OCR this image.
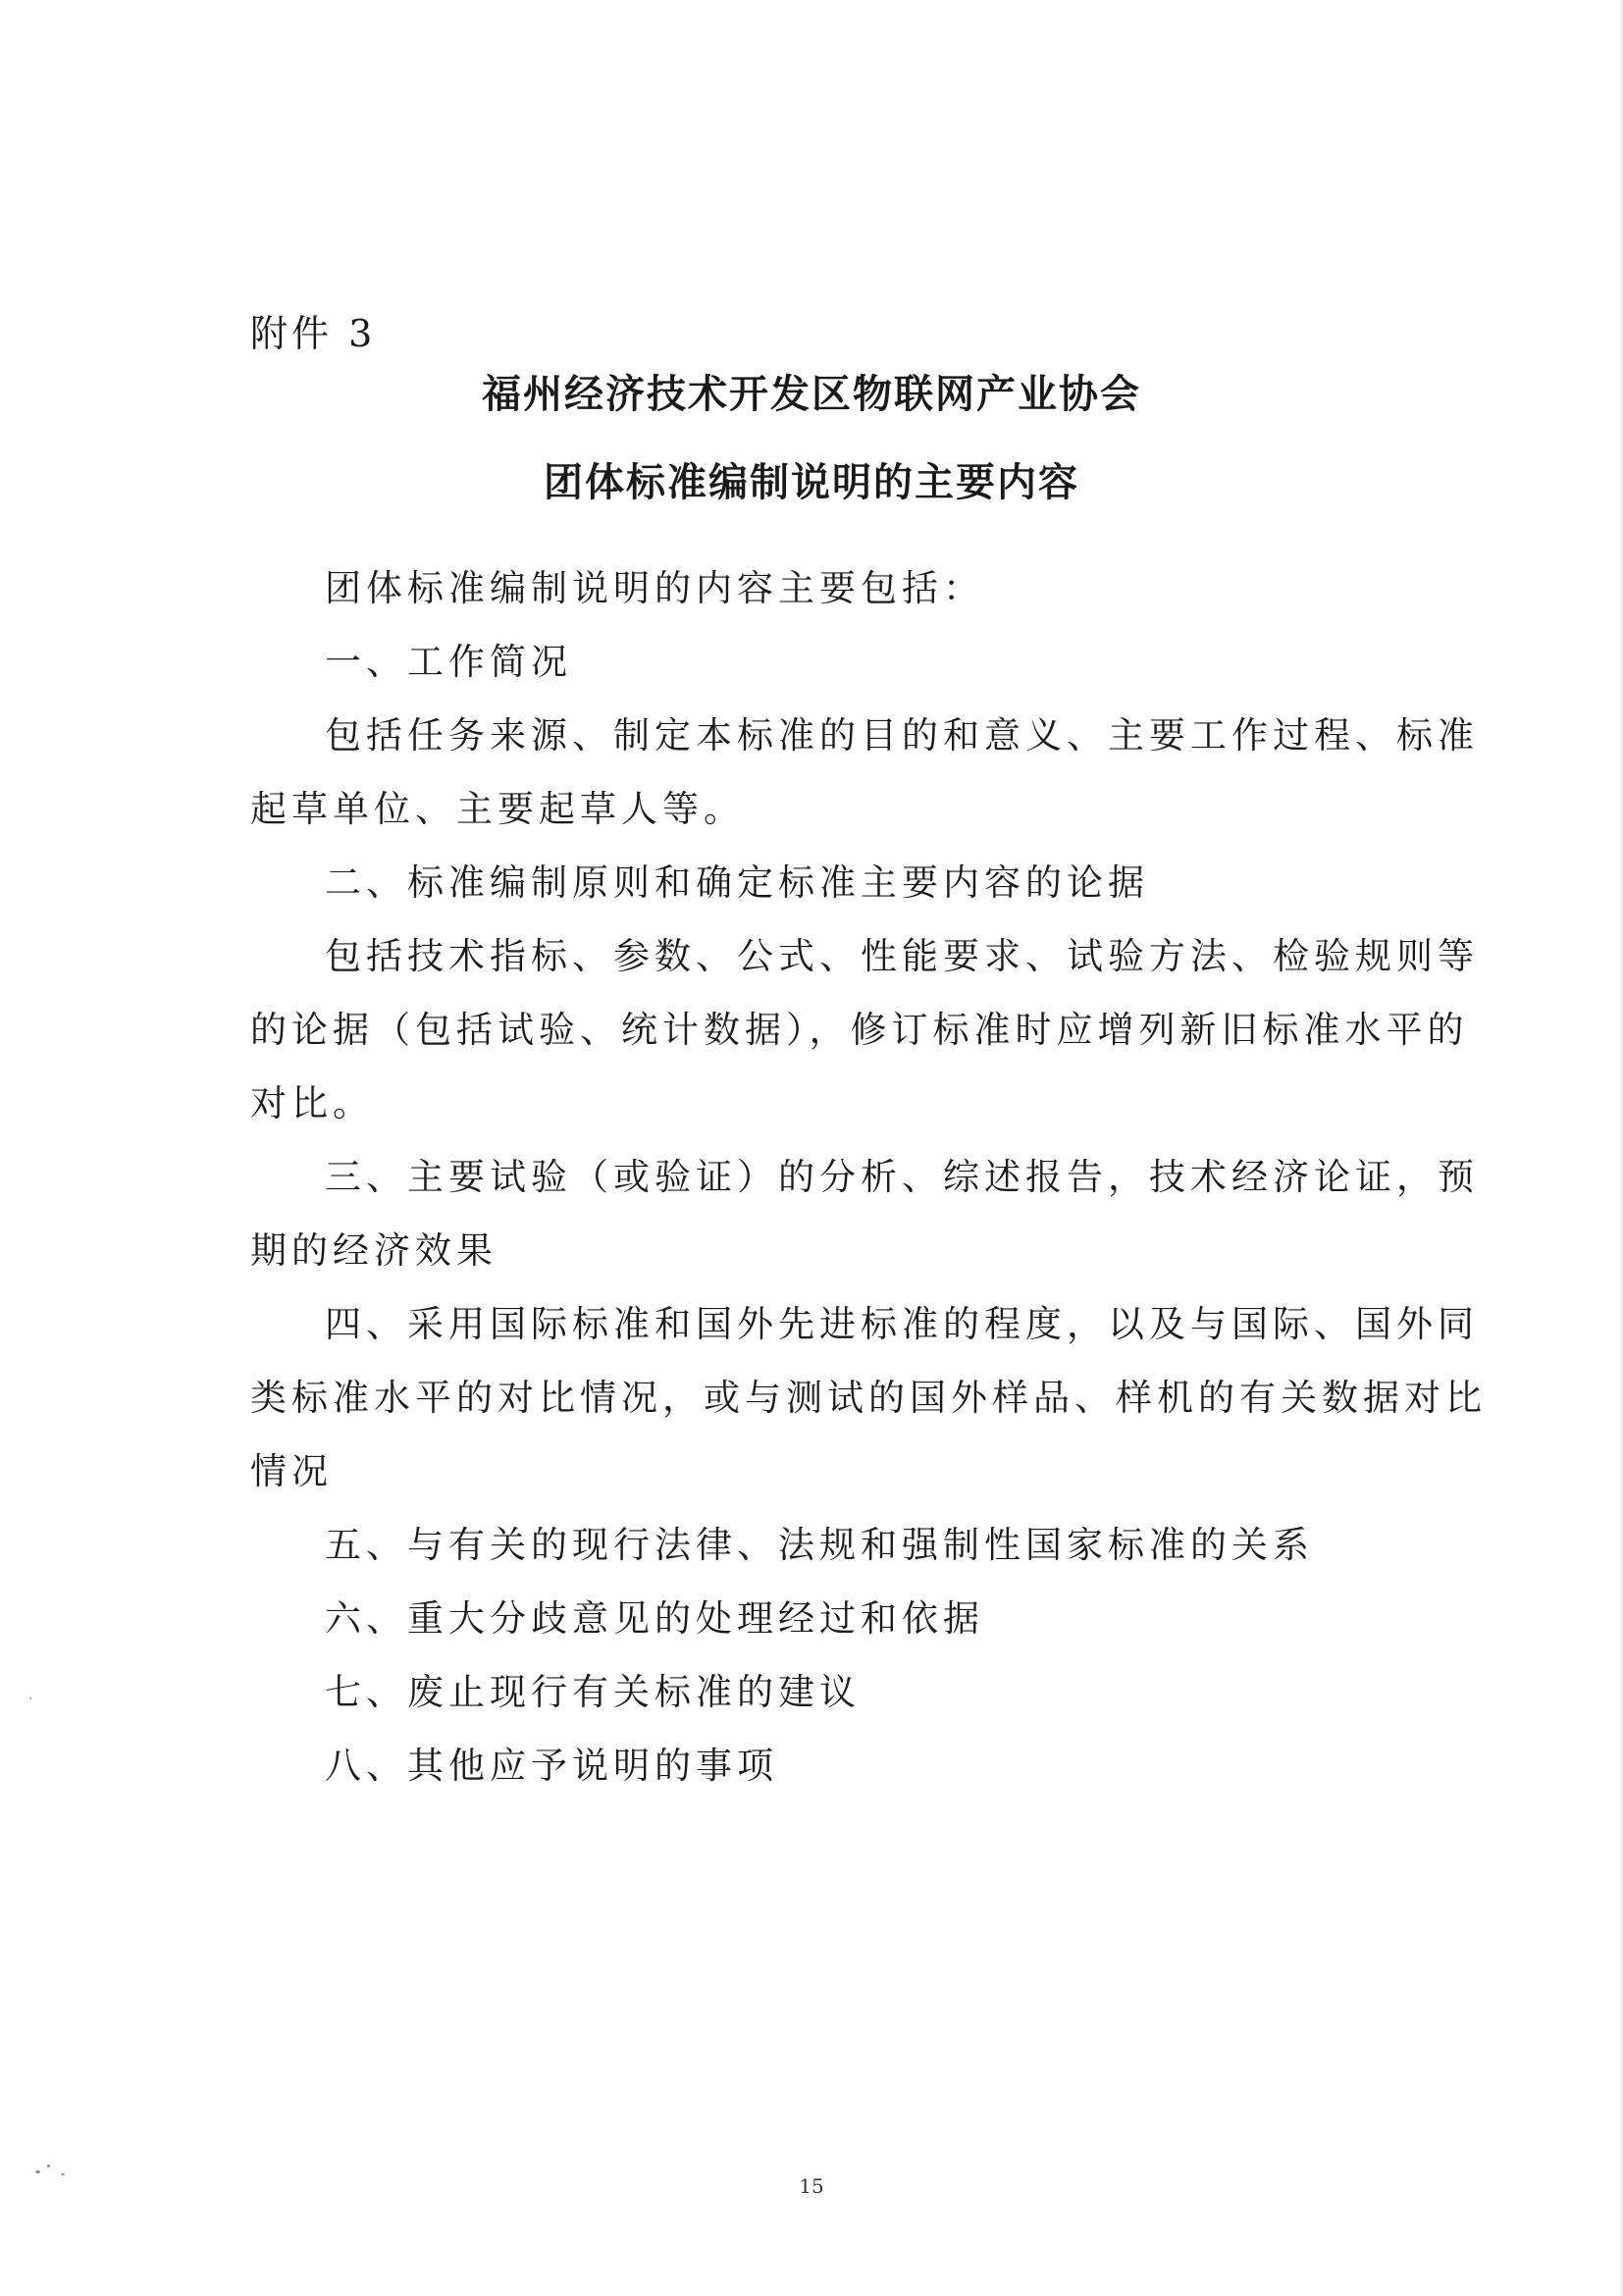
附件 3
福州经济技术开发区物联网产业协会
团体标准编制说明的主要内容
团体标准编制说明的内容主要包括：
一、工作简况
包括任务来源、制定本标准的目的和意义、主要工作过程、标准
起草单位、主要起草人等。
二、标准编制原则和确定标准主要内容的论据
包括技术指标、参数、公式、性能要求、试验方法、检验规则等
的论据（包括试验、统计数据），修订标准时应增列新旧标准水平的
对比。
三、主要试验（或验证）的分析、综述报告，技术经济论证，预
期的经济效果
四、采用国际标准和国外先进标准的程度，以及与国际、国外同
类标准水平的对比情况，或与测试的国外样品、样机的有关数据对比
情况
五、与有关的现行法律、法规和强制性国家标准的关系
六、重大分歧意见的处理经过和依据
七、废止现行有关标准的建议
八、其他应予说明的事项
15
